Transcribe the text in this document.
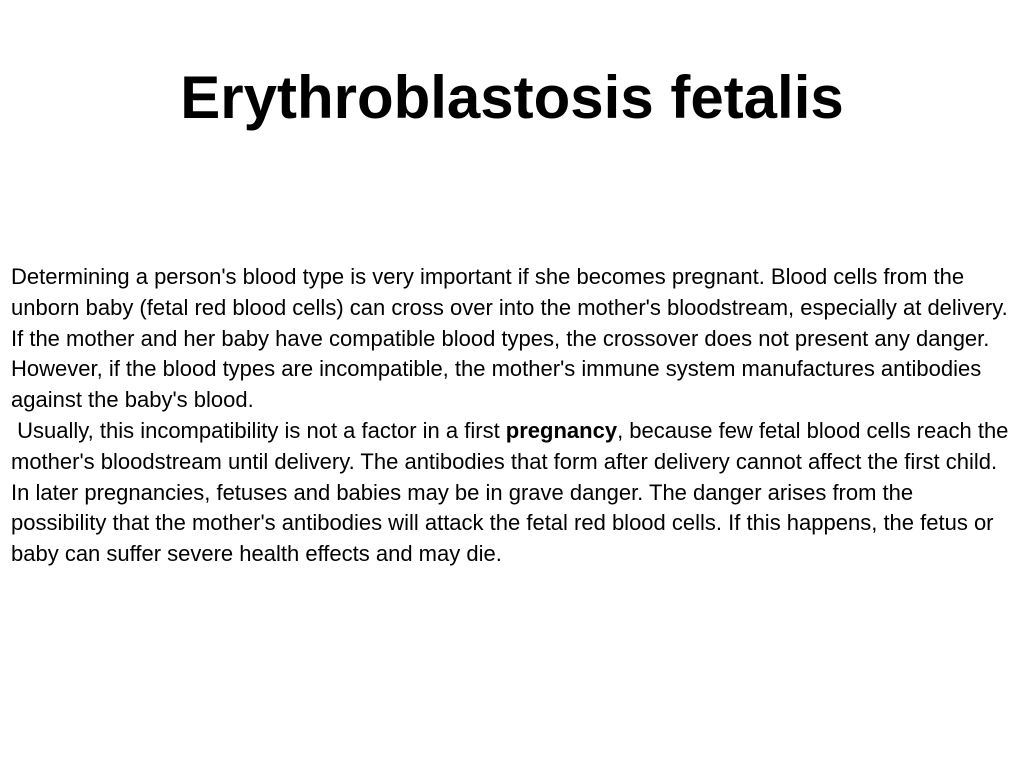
Erythroblastosis fetalis

Determining a person's blood type is very important if she becomes pregnant. Blood cells from the unborn baby (fetal red blood cells) can cross over into the mother's bloodstream, especially at delivery. If the mother and her baby have compatible blood types, the crossover does not present any danger. However, if the blood types are incompatible, the mother's immune system manufactures antibodies against the baby's blood.

Usually, this incompatibility is not a factor in a first pregnancy, because few fetal blood cells reach the mother's bloodstream until delivery. The antibodies that form after delivery cannot affect the first child. In later pregnancies, fetuses and babies may be in grave danger. The danger arises from the possibility that the mother's antibodies will attack the fetal red blood cells. If this happens, the fetus or baby can suffer severe health effects and may die.
